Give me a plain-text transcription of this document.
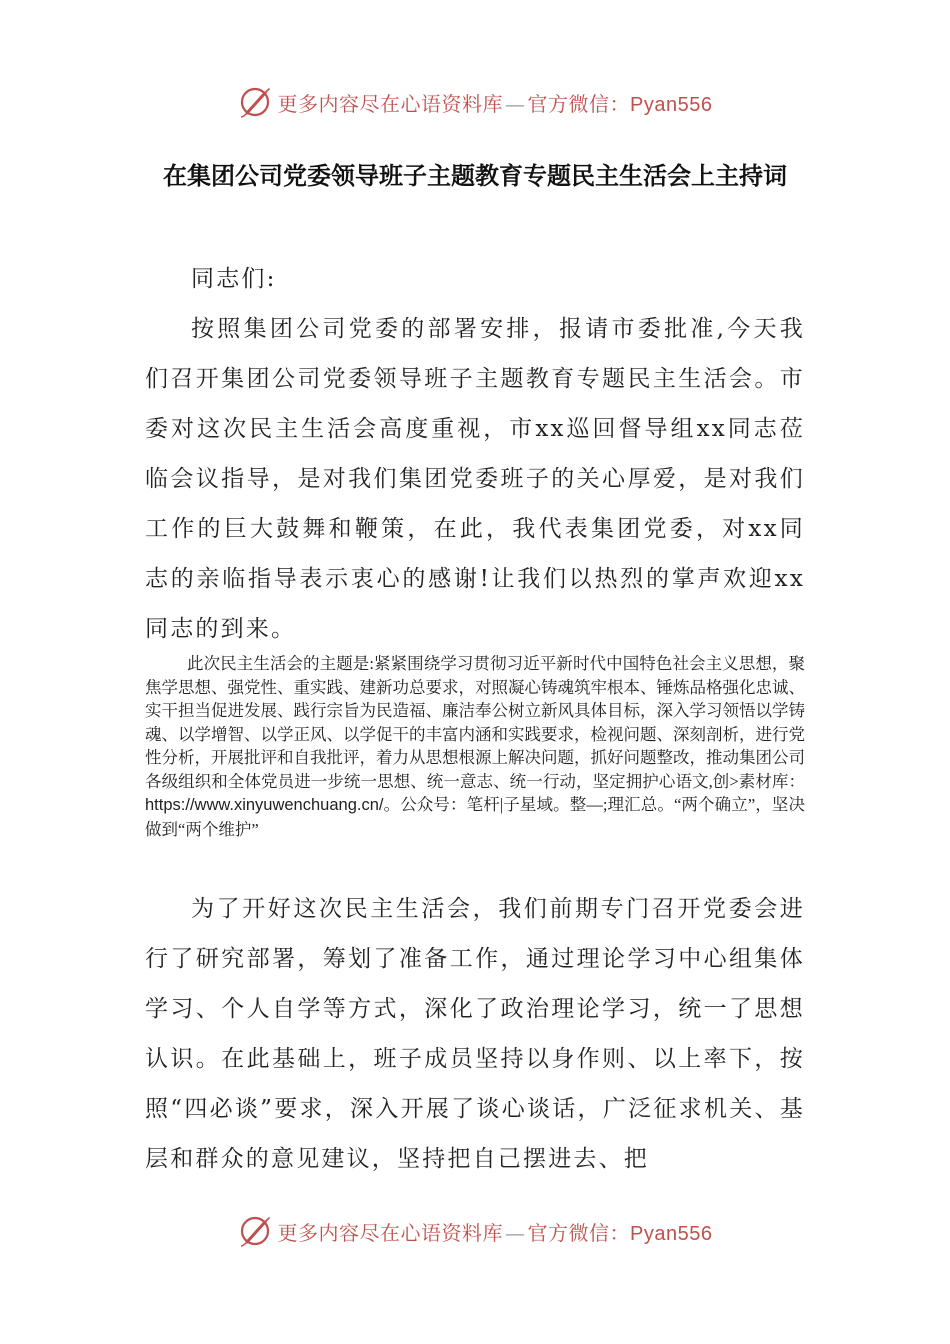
更多内容尽在心语资料库 — 官方微信：Pyan556
在集团公司党委领导班子主题教育专题民主生活会上主持词

同志们:

按照集团公司党委的部署安排，报请市委批准,今天我们召开集团公司党委领导班子主题教育专题民主生活会。市委对这次民主生活会高度重视，市xx巡回督导组xx同志莅临会议指导，是对我们集团党委班子的关心厚爱，是对我们工作的巨大鼓舞和鞭策，在此，我代表集团党委，对xx同志的亲临指导表示衷心的感谢!让我们以热烈的掌声欢迎xx同志的到来。

此次民主生活会的主题是:紧紧围绕学习贯彻习近平新时代中国特色社会主义思想，聚焦学思想、强党性、重实践、建新功总要求，对照凝心铸魂筑牢根本、锤炼品格强化忠诚、实干担当促进发展、践行宗旨为民造福、廉洁奉公树立新风具体目标，深入学习领悟以学铸魂、以学增智、以学正风、以学促干的丰富内涵和实践要求，检视问题、深刻剖析，进行党性分析，开展批评和自我批评，着力从思想根源上解决问题，抓好问题整改，推动集团公司各级组织和全体党员进一步统一思想、统一意志、统一行动，坚定拥护心语文,创>素材库：https://www.xinyuwenchuang.cn/。公众号：笔杆|子星域。整—;理汇总。“两个确立”，坚决做到“两个维护”

为了开好这次民主生活会，我们前期专门召开党委会进行了研究部署，筹划了准备工作，通过理论学习中心组集体学习、个人自学等方式，深化了政治理论学习，统一了思想认识。在此基础上，班子成员坚持以身作则、以上率下，按照“四必谈”要求，深入开展了谈心谈话，广泛征求机关、基层和群众的意见建议，坚持把自己摆进去、把

更多内容尽在心语资料库 — 官方微信：Pyan556
